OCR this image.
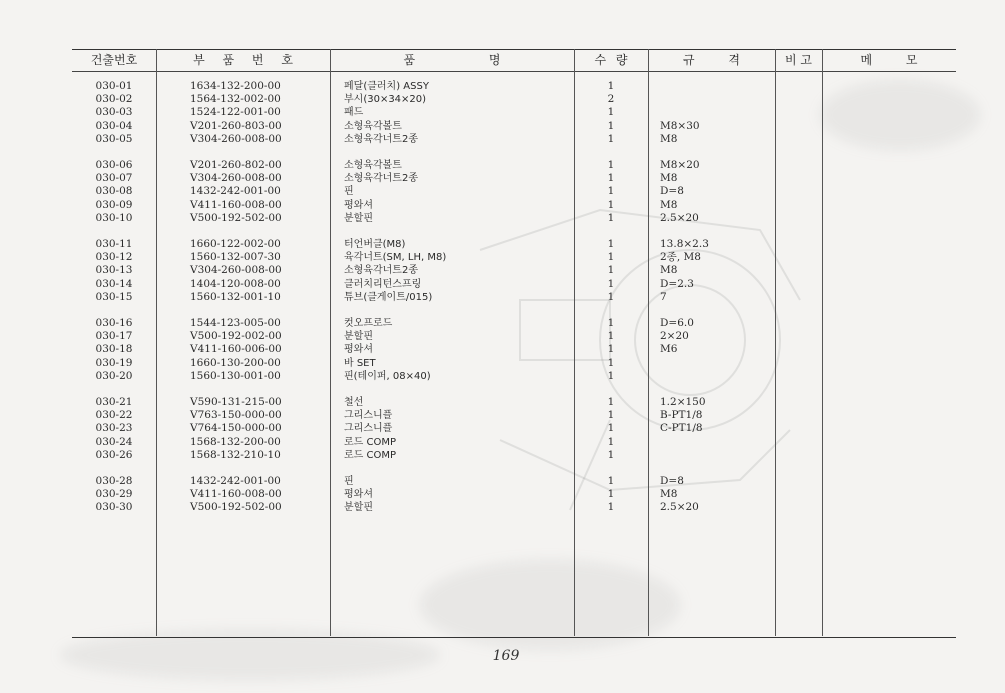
건출번호	부 품 번 호	품 명	수 량	규 격	비 고	메 모
030-01	1634-132-200-00	페달(클러치) ASSY	1
030-02	1564-132-002-00	부시(30×34×20)	2
030-03	1524-122-001-00	패드	1
030-04	V201-260-803-00	소형육각볼트	1	M8×30
030-05	V304-260-008-00	소형육각너트2종	1	M8
030-06	V201-260-802-00	소형육각볼트	1	M8×20
030-07	V304-260-008-00	소형육각너트2종	1	M8
030-08	1432-242-001-00	핀	1	D=8
030-09	V411-160-008-00	평와셔	1	M8
030-10	V500-192-502-00	분할핀	1	2.5×20
030-11	1660-122-002-00	터언버클(M8)	1	13.8×2.3
030-12	1560-132-007-30	육각너트(SM, LH, M8)	1	2종, M8
030-13	V304-260-008-00	소형육각너트2종	1	M8
030-14	1404-120-008-00	클러치리턴스프링	1	D=2.3
030-15	1560-132-001-10	튜브(클게이트/015)	1	7
030-16	1544-123-005-00	컷오프로드	1	D=6.0
030-17	V500-192-002-00	분할핀	1	2×20
030-18	V411-160-006-00	평와셔	1	M6
030-19	1660-130-200-00	바 SET	1
030-20	1560-130-001-00	핀(테이퍼, 08×40)	1
030-21	V590-131-215-00	철선	1	1.2×150
030-22	V763-150-000-00	그리스니플	1	B-PT1/8
030-23	V764-150-000-00	그리스니플	1	C-PT1/8
030-24	1568-132-200-00	로드 COMP	1
030-26	1568-132-210-10	로드 COMP	1
030-28	1432-242-001-00	핀	1	D=8
030-29	V411-160-008-00	평와셔	1	M8
030-30	V500-192-502-00	분할핀	1	2.5×20
169
